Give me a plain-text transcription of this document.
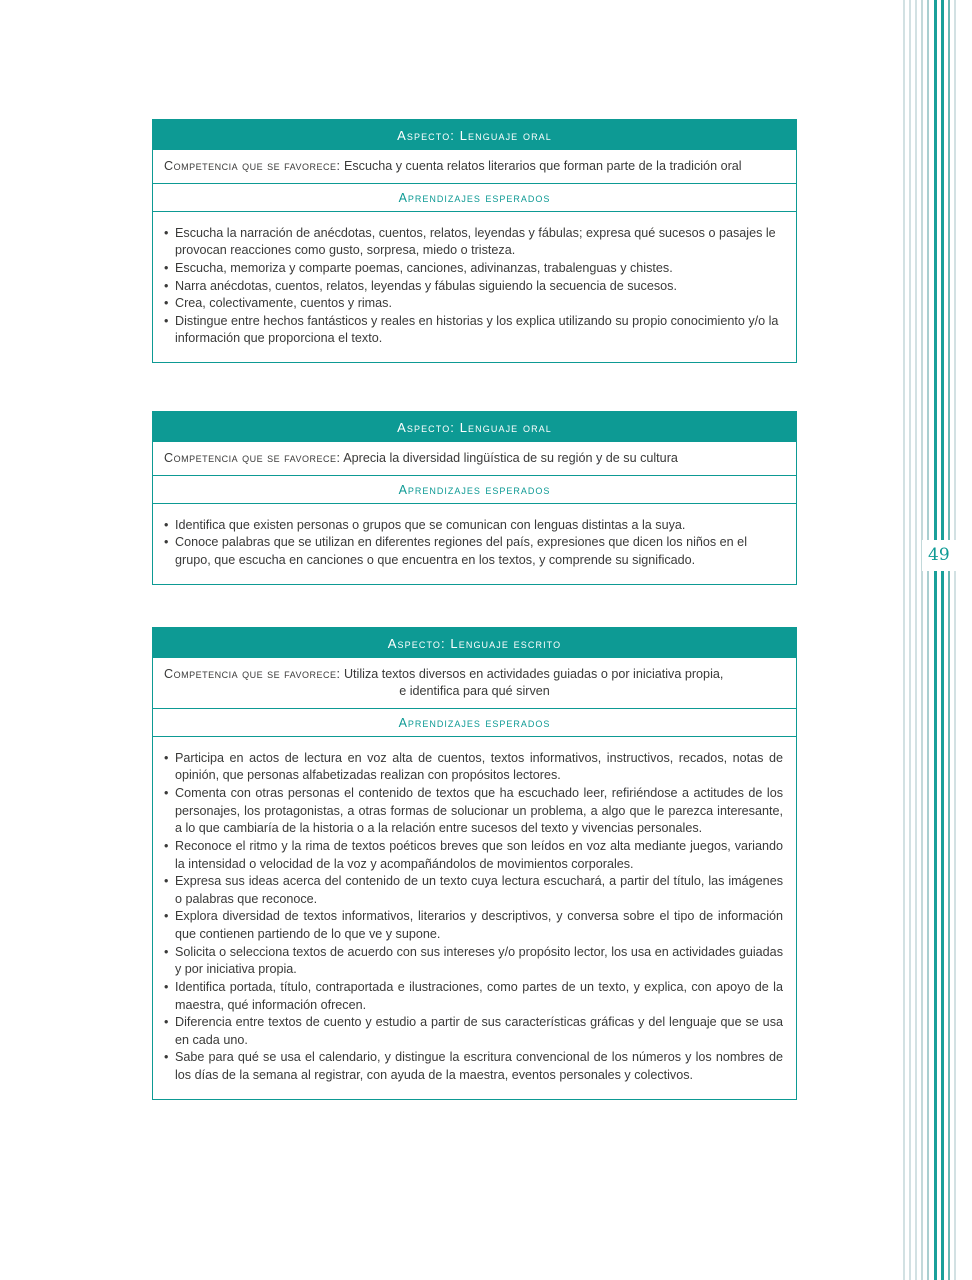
49
Aspecto: Lenguaje oral
Competencia que se favorece: Escucha y cuenta relatos literarios que forman parte de la tradición oral
Aprendizajes esperados
• Escucha la narración de anécdotas, cuentos, relatos, leyendas y fábulas; expresa qué sucesos o pasajes le provocan reacciones como gusto, sorpresa, miedo o tristeza.
• Escucha, memoriza y comparte poemas, canciones, adivinanzas, trabalenguas y chistes.
• Narra anécdotas, cuentos, relatos, leyendas y fábulas siguiendo la secuencia de sucesos.
• Crea, colectivamente, cuentos y rimas.
• Distingue entre hechos fantásticos y reales en historias y los explica utilizando su propio conocimiento y/o la información que proporciona el texto.
Aspecto: Lenguaje oral
Competencia que se favorece: Aprecia la diversidad lingüística de su región y de su cultura
Aprendizajes esperados
• Identifica que existen personas o grupos que se comunican con lenguas distintas a la suya.
• Conoce palabras que se utilizan en diferentes regiones del país, expresiones que dicen los niños en el grupo, que escucha en canciones o que encuentra en los textos, y comprende su significado.
Aspecto: Lenguaje escrito
Competencia que se favorece: Utiliza textos diversos en actividades guiadas o por iniciativa propia,
e identifica para qué sirven
Aprendizajes esperados
• Participa en actos de lectura en voz alta de cuentos, textos informativos, instructivos, recados, notas de opinión, que personas alfabetizadas realizan con propósitos lectores.
• Comenta con otras personas el contenido de textos que ha escuchado leer, refiriéndose a actitudes de los personajes, los protagonistas, a otras formas de solucionar un problema, a algo que le parezca interesante, a lo que cambiaría de la historia o a la relación entre sucesos del texto y vivencias personales.
• Reconoce el ritmo y la rima de textos poéticos breves que son leídos en voz alta mediante juegos, variando la intensidad o velocidad de la voz y acompañándolos de movimientos corporales.
• Expresa sus ideas acerca del contenido de un texto cuya lectura escuchará, a partir del título, las imágenes o palabras que reconoce.
• Explora diversidad de textos informativos, literarios y descriptivos, y conversa sobre el tipo de información que contienen partiendo de lo que ve y supone.
• Solicita o selecciona textos de acuerdo con sus intereses y/o propósito lector, los usa en actividades guiadas y por iniciativa propia.
• Identifica portada, título, contraportada e ilustraciones, como partes de un texto, y explica, con apoyo de la maestra, qué información ofrecen.
• Diferencia entre textos de cuento y estudio a partir de sus características gráficas y del lenguaje que se usa en cada uno.
• Sabe para qué se usa el calendario, y distingue la escritura convencional de los números y los nombres de los días de la semana al registrar, con ayuda de la maestra, eventos personales y colectivos.
